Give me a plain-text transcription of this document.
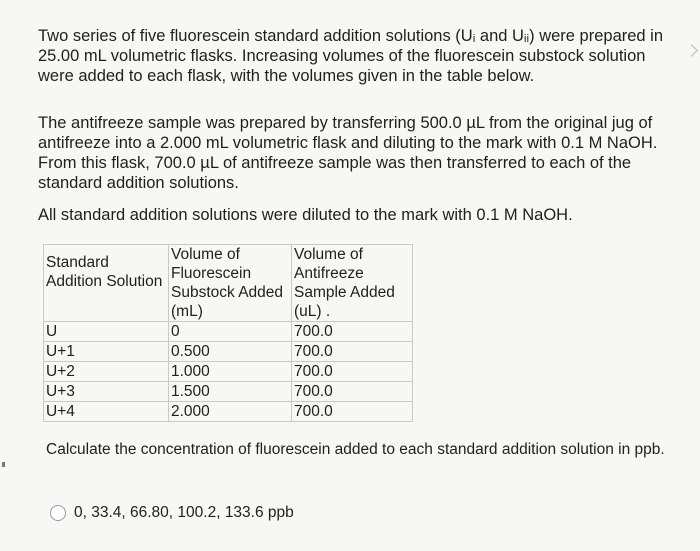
Two series of five fluorescein standard addition solutions (Uᵢ and Uᵢᵢ) were prepared in 25.00 mL volumetric flasks. Increasing volumes of the fluorescein substock solution were added to each flask, with the volumes given in the table below.
The antifreeze sample was prepared by transferring 500.0 µL from the original jug of antifreeze into a 2.000 mL volumetric flask and diluting to the mark with 0.1 M NaOH. From this flask, 700.0 µL of antifreeze sample was then transferred to each of the standard addition solutions.
All standard addition solutions were diluted to the mark with 0.1 M NaOH.
Standard Addition Solution	Volume of Fluorescein Substock Added (mL)	Volume of Antifreeze Sample Added (uL) .
U	0	700.0
U+1	0.500	700.0
U+2	1.000	700.0
U+3	1.500	700.0
U+4	2.000	700.0
Calculate the concentration of fluorescein added to each standard addition solution in ppb.
0, 33.4, 66.80, 100.2, 133.6 ppb
